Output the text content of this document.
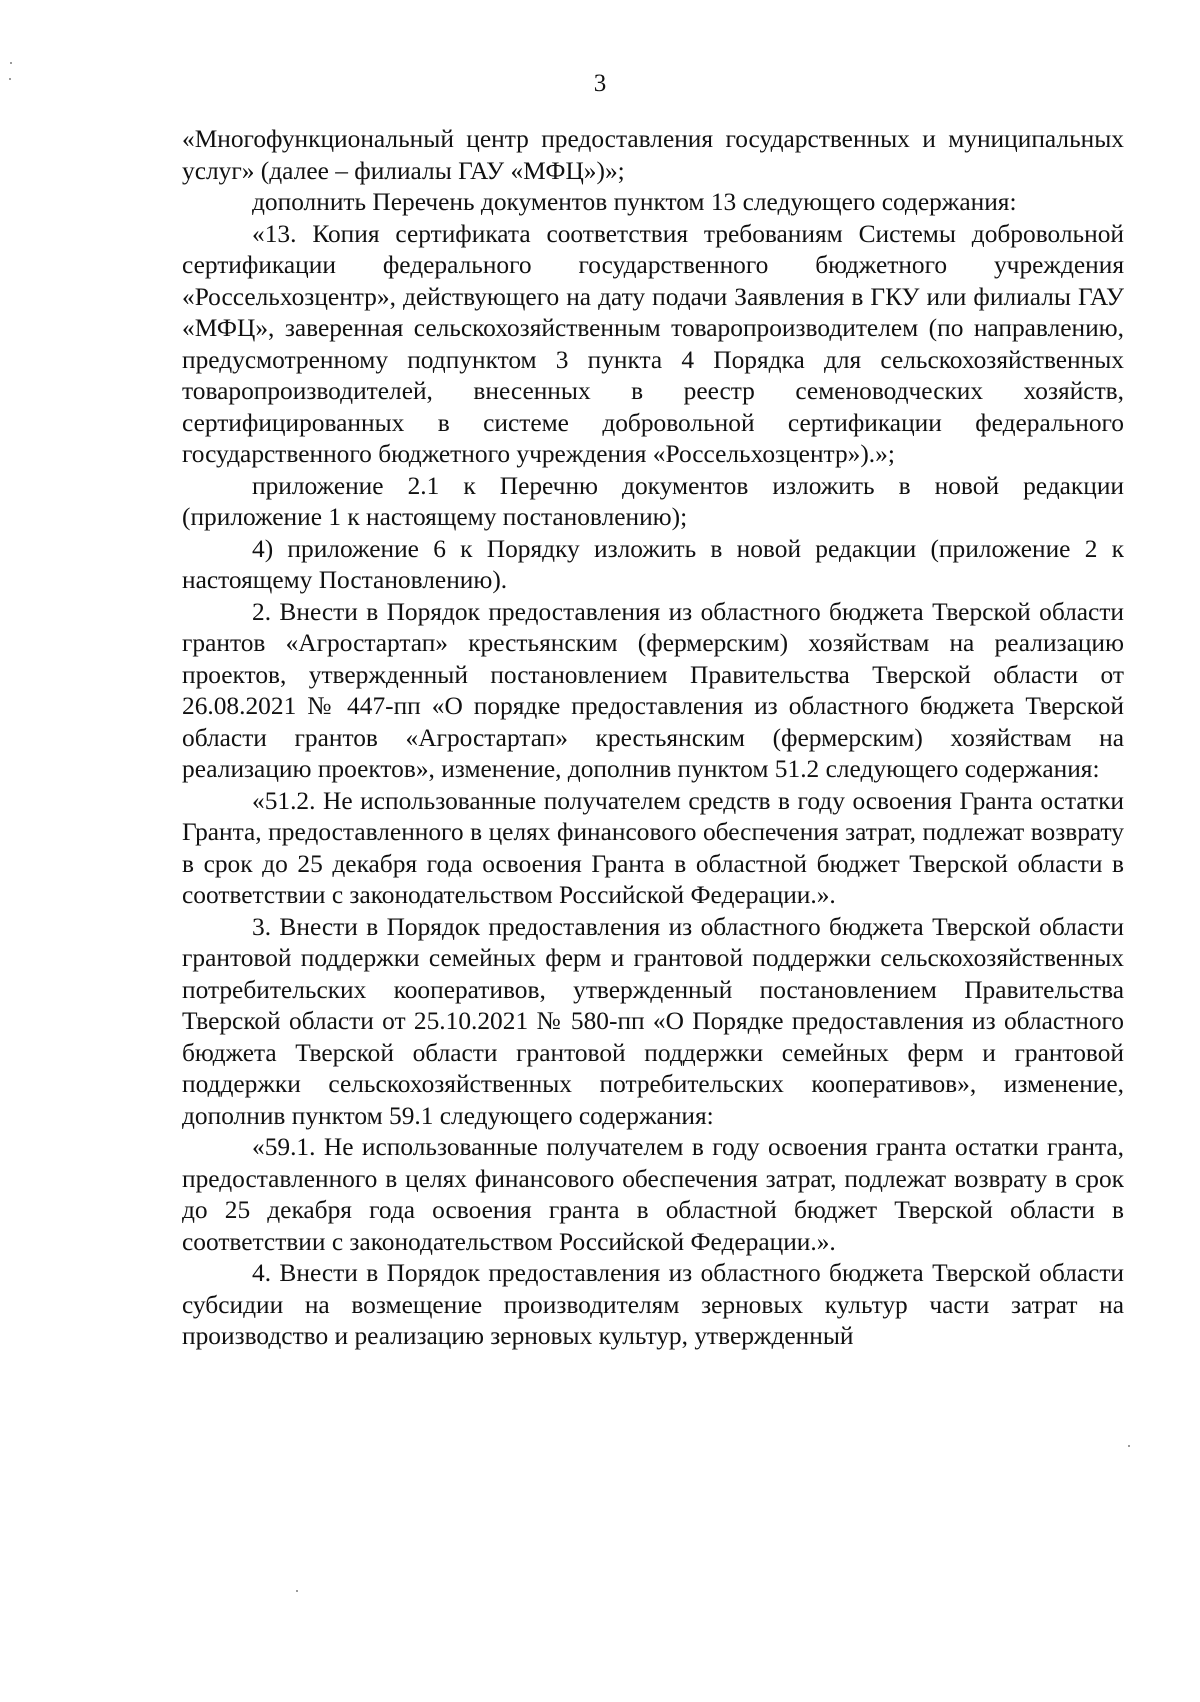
3

«Многофункциональный центр предоставления государственных и муниципальных услуг» (далее – филиалы ГАУ «МФЦ»)»;

дополнить Перечень документов пунктом 13 следующего содержания:

«13. Копия сертификата соответствия требованиям Системы добровольной сертификации федерального государственного бюджетного учреждения «Россельхозцентр», действующего на дату подачи Заявления в ГКУ или филиалы ГАУ «МФЦ», заверенная сельскохозяйственным товаропроизводителем (по направлению, предусмотренному подпунктом 3 пункта 4 Порядка для сельскохозяйственных товаропроизводителей, внесенных в реестр семеноводческих хозяйств, сертифицированных в системе добровольной сертификации федерального государственного бюджетного учреждения «Россельхозцентр»).»;

приложение 2.1 к Перечню документов изложить в новой редакции (приложение 1 к настоящему постановлению);

4) приложение 6 к Порядку изложить в новой редакции (приложение 2 к настоящему Постановлению).

2. Внести в Порядок предоставления из областного бюджета Тверской области грантов «Агростартап» крестьянским (фермерским) хозяйствам на реализацию проектов, утвержденный постановлением Правительства Тверской области от 26.08.2021 № 447-пп «О порядке предоставления из областного бюджета Тверской области грантов «Агростартап» крестьянским (фермерским) хозяйствам на реализацию проектов», изменение, дополнив пунктом 51.2 следующего содержания:

«51.2. Не использованные получателем средств в году освоения Гранта остатки Гранта, предоставленного в целях финансового обеспечения затрат, подлежат возврату в срок до 25 декабря года освоения Гранта в областной бюджет Тверской области в соответствии с законодательством Российской Федерации.».

3. Внести в Порядок предоставления из областного бюджета Тверской области грантовой поддержки семейных ферм и грантовой поддержки сельскохозяйственных потребительских кооперативов, утвержденный постановлением Правительства Тверской области от 25.10.2021 № 580-пп «О Порядке предоставления из областного бюджета Тверской области грантовой поддержки семейных ферм и грантовой поддержки сельскохозяйственных потребительских кооперативов», изменение, дополнив пунктом 59.1 следующего содержания:

«59.1. Не использованные получателем в году освоения гранта остатки гранта, предоставленного в целях финансового обеспечения затрат, подлежат возврату в срок до 25 декабря года освоения гранта в областной бюджет Тверской области в соответствии с законодательством Российской Федерации.».

4. Внести в Порядок предоставления из областного бюджета Тверской области субсидии на возмещение производителям зерновых культур части затрат на производство и реализацию зерновых культур, утвержденный
